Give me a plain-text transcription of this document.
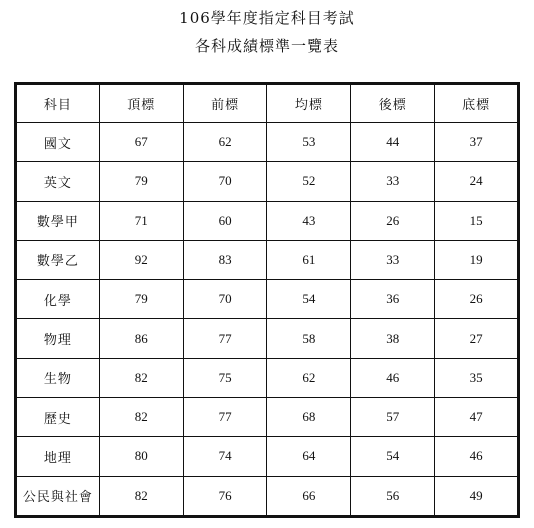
106學年度指定科目考試
各科成績標準一覽表
科目	頂標	前標	均標	後標	底標
國文	67	62	53	44	37
英文	79	70	52	33	24
數學甲	71	60	43	26	15
數學乙	92	83	61	33	19
化學	79	70	54	36	26
物理	86	77	58	38	27
生物	82	75	62	46	35
歷史	82	77	68	57	47
地理	80	74	64	54	46
公民與社會	82	76	66	56	49
